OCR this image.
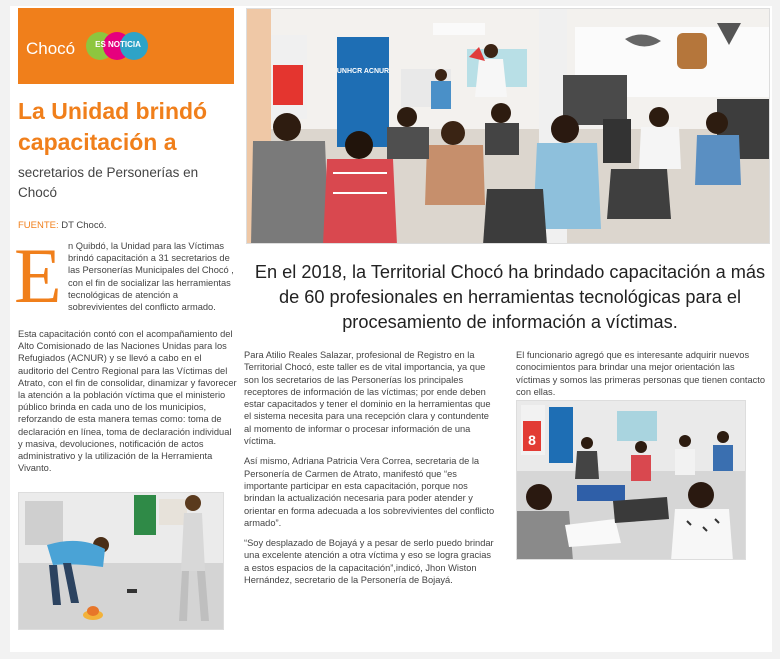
Chocó	ES NOTICIA
La Unidad brindó capacitación a
secretarios de Personerías en Chocó
FUENTE: DT Chocó.
E n Quibdó, la Unidad para las Víctimas brindó capacitación a 31 secretarios de las Personerías Municipales del Chocó , con el fin de socializar las herramientas tecnológicas de atención a sobrevivientes del conflicto armado.

Esta capacitación contó con el acompañamiento del Alto Comisionado de las Naciones Unidas para los Refugiados (ACNUR) y se llevó a cabo en el auditorio del Centro Regional para las Víctimas del Atrato, con el fin de consolidar, dinamizar y favorecer la atención a la población víctima que el ministerio público brinda en cada uno de los municipios, reforzando de esta manera temas como: toma de declaración en línea, toma de declaración individual y masiva, devoluciones, notificación de actos administrativo y la utilización de la Herramienta Vivanto.

UNHCR ACNUR
En el 2018, la Territorial Chocó ha brindado capacitación a más de 60 profesionales en herramientas tecnológicas para el procesamiento de información a víctimas.

Para Atilio Reales Salazar, profesional de Registro en la Territorial Chocó, este taller es de vital importancia, ya que son los secretarios de las Personerías los principales receptores de información de las víctimas; por ende deben estar capacitados y tener el dominio en la herramientas que el sistema necesita para una recepción clara y contundente al momento de informar o procesar información de una víctima.

Así mismo, Adriana Patricia Vera Correa, secretaria de la Personería de Carmen de Atrato, manifestó que “es importante participar en esta capacitación, porque nos brindan la actualización necesaria para poder atender y orientar en forma adecuada a los sobrevivientes del conflicto armado”.

“Soy desplazado de Bojayá y a pesar de serlo puedo brindar una excelente atención a otra víctima y eso se logra gracias a estos espacios de la capacitación”,indicó, Jhon Wiston Hernández, secretario de la Personería de Bojayá.

El funcionario agregó que es interesante adquirir nuevos conocimientos para brindar una mejor orientación las víctimas y somos las primeras personas que tienen contacto con ellas.
8
